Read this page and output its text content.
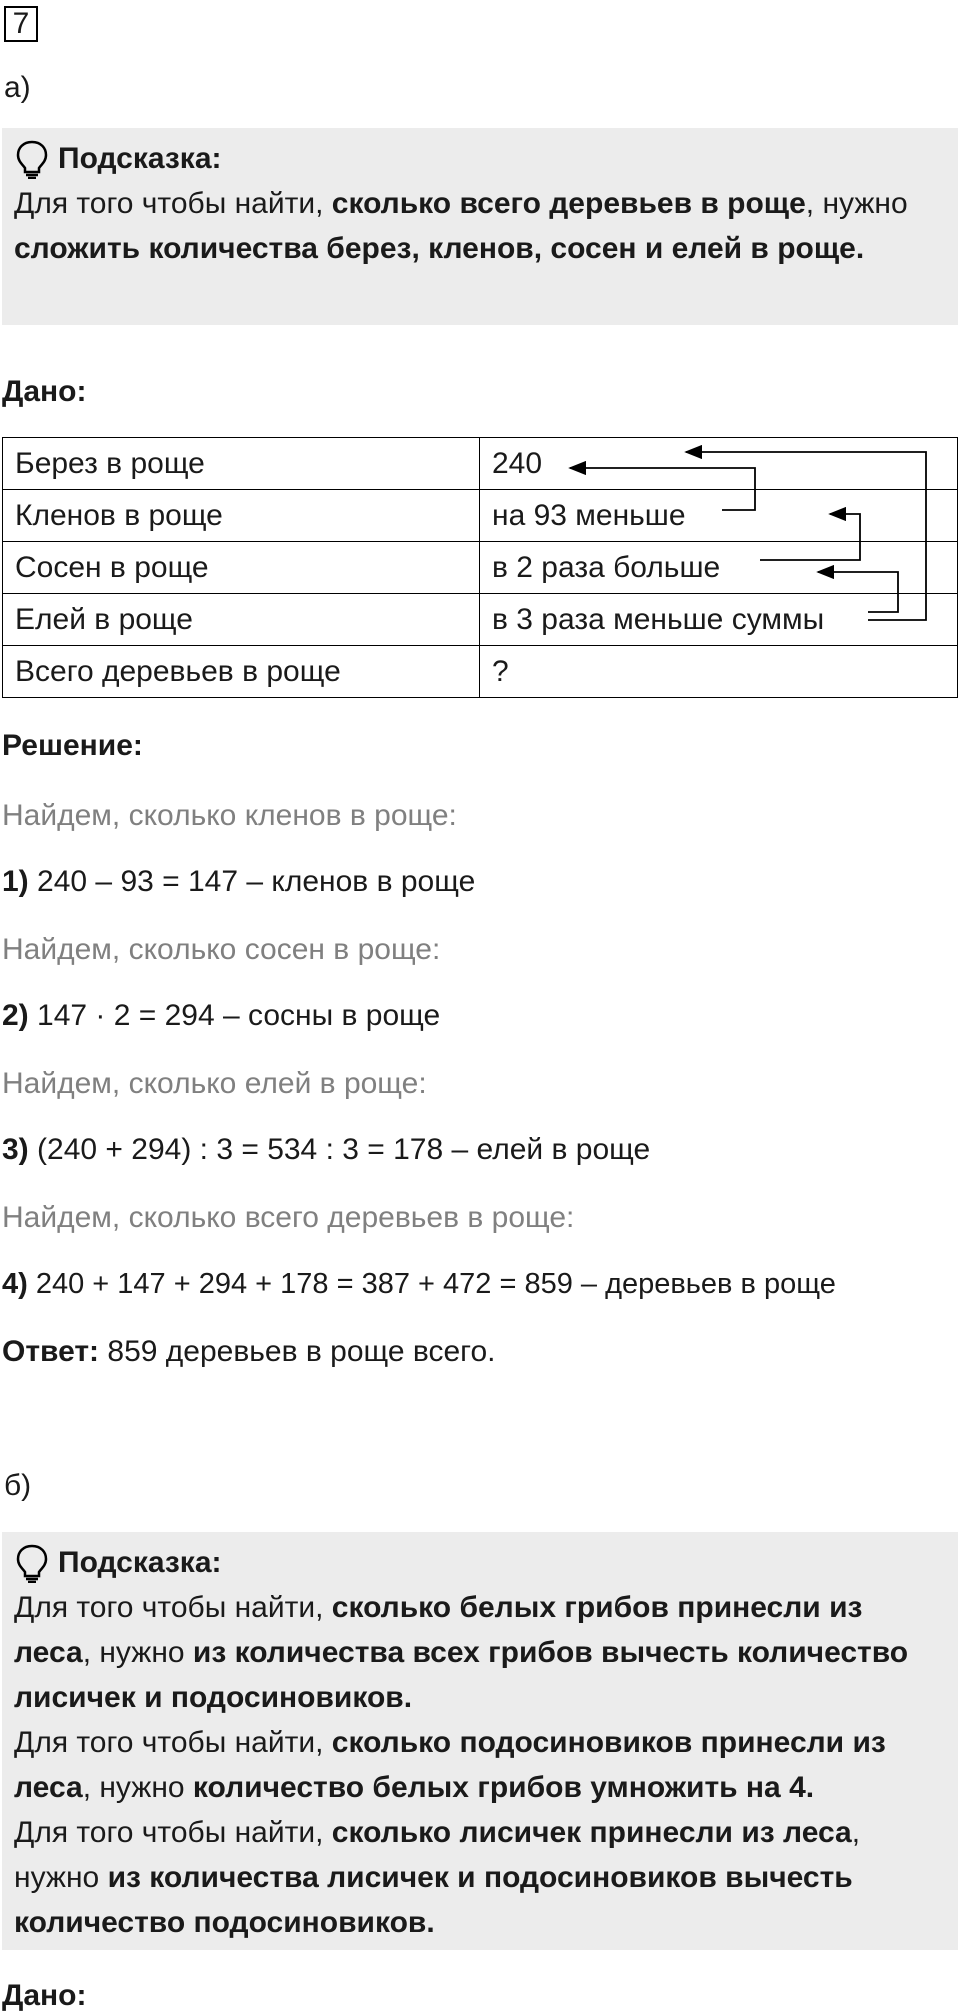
7
а)
Подсказка:
Для того чтобы найти, сколько всего деревьев в роще, нужно сложить количества берез, кленов, сосен и елей в роще.
Дано:
Берез в роще	240
Кленов в роще	на 93 меньше
Сосен в роще	в 2 раза больше
Елей в роще	в 3 раза меньше суммы
Всего деревьев в роще	?
Решение:
Найдем, сколько кленов в роще:
1) 240 – 93 = 147 – кленов в роще
Найдем, сколько сосен в роще:
2) 147 · 2 = 294 – сосны в роще
Найдем, сколько елей в роще:
3) (240 + 294) : 3 = 534 : 3 = 178 – елей в роще
Найдем, сколько всего деревьев в роще:
4) 240 + 147 + 294 + 178 = 387 + 472 = 859 – деревьев в роще
Ответ: 859 деревьев в роще всего.
б)
Подсказка:
Для того чтобы найти, сколько белых грибов принесли из леса, нужно из количества всех грибов вычесть количество лисичек и подосиновиков.
Для того чтобы найти, сколько подосиновиков принесли из леса, нужно количество белых грибов умножить на 4.
Для того чтобы найти, сколько лисичек принесли из леса, нужно из количества лисичек и подосиновиков вычесть количество подосиновиков.
Дано:
